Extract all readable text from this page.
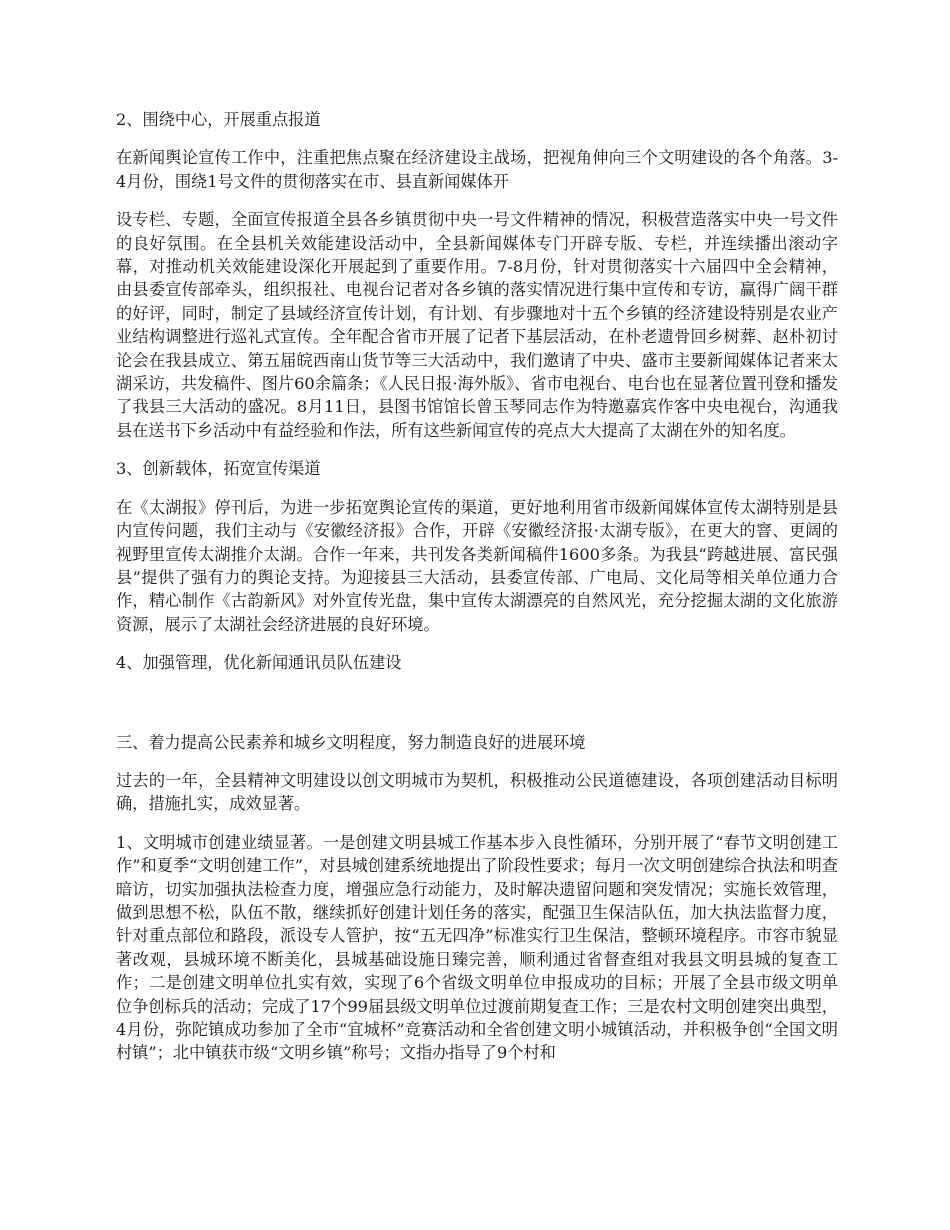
2、围绕中心，开展重点报道

在新闻舆论宣传工作中，注重把焦点聚在经济建设主战场，把视角伸向三个文明建设的各个角落。3-4月份，围绕1号文件的贯彻落实在市、县直新闻媒体开

设专栏、专题，全面宣传报道全县各乡镇贯彻中央一号文件精神的情况，积极营造落实中央一号文件的良好氛围。在全县机关效能建设活动中，全县新闻媒体专门开辟专版、专栏，并连续播出滚动字幕，对推动机关效能建设深化开展起到了重要作用。7-8月份，针对贯彻落实十六届四中全会精神，由县委宣传部牵头，组织报社、电视台记者对各乡镇的落实情况进行集中宣传和专访，赢得广阔干群的好评，同时，制定了县域经济宣传计划，有计划、有步骤地对十五个乡镇的经济建设特别是农业产业结构调整进行巡礼式宣传。全年配合省市开展了记者下基层活动，在朴老遗骨回乡树葬、赵朴初讨论会在我县成立、第五届皖西南山货节等三大活动中，我们邀请了中央、盛市主要新闻媒体记者来太湖采访，共发稿件、图片60余篇条；《人民日报·海外版》、省市电视台、电台也在显著位置刊登和播发了我县三大活动的盛况。8月11日，县图书馆馆长曾玉琴同志作为特邀嘉宾作客中央电视台，沟通我县在送书下乡活动中有益经验和作法，所有这些新闻宣传的亮点大大提高了太湖在外的知名度。

3、创新载体，拓宽宣传渠道

在《太湖报》停刊后，为进一步拓宽舆论宣传的渠道，更好地利用省市级新闻媒体宣传太湖特别是县内宣传问题，我们主动与《安徽经济报》合作，开辟《安徽经济报·太湖专版》，在更大的窨、更阔的视野里宣传太湖推介太湖。合作一年来，共刊发各类新闻稿件1600多条。为我县“跨越进展、富民强县”提供了强有力的舆论支持。为迎接县三大活动，县委宣传部、广电局、文化局等相关单位通力合作，精心制作《古韵新风》对外宣传光盘，集中宣传太湖漂亮的自然风光，充分挖掘太湖的文化旅游资源，展示了太湖社会经济进展的良好环境。

4、加强管理，优化新闻通讯员队伍建设

三、着力提高公民素养和城乡文明程度，努力制造良好的进展环境

过去的一年，全县精神文明建设以创文明城市为契机，积极推动公民道德建设，各项创建活动目标明确，措施扎实，成效显著。

1、文明城市创建业绩显著。一是创建文明县城工作基本步入良性循环，分别开展了“春节文明创建工作”和夏季“文明创建工作”，对县城创建系统地提出了阶段性要求；每月一次文明创建综合执法和明查暗访，切实加强执法检查力度，增强应急行动能力，及时解决遗留问题和突发情况；实施长效管理，做到思想不松，队伍不散，继续抓好创建计划任务的落实，配强卫生保洁队伍，加大执法监督力度，针对重点部位和路段，派设专人管护，按“五无四净”标准实行卫生保洁，整顿环境程序。市容市貌显著改观，县城环境不断美化，县城基础设施日臻完善，顺利通过省督查组对我县文明县城的复查工作；二是创建文明单位扎实有效，实现了6个省级文明单位申报成功的目标；开展了全县市级文明单位争创标兵的活动；完成了17个99届县级文明单位过渡前期复查工作；三是农村文明创建突出典型，4月份，弥陀镇成功参加了全市“宜城杯”竞赛活动和全省创建文明小城镇活动，并积极争创“全国文明村镇”；北中镇获市级“文明乡镇”称号；文指办指导了9个村和
